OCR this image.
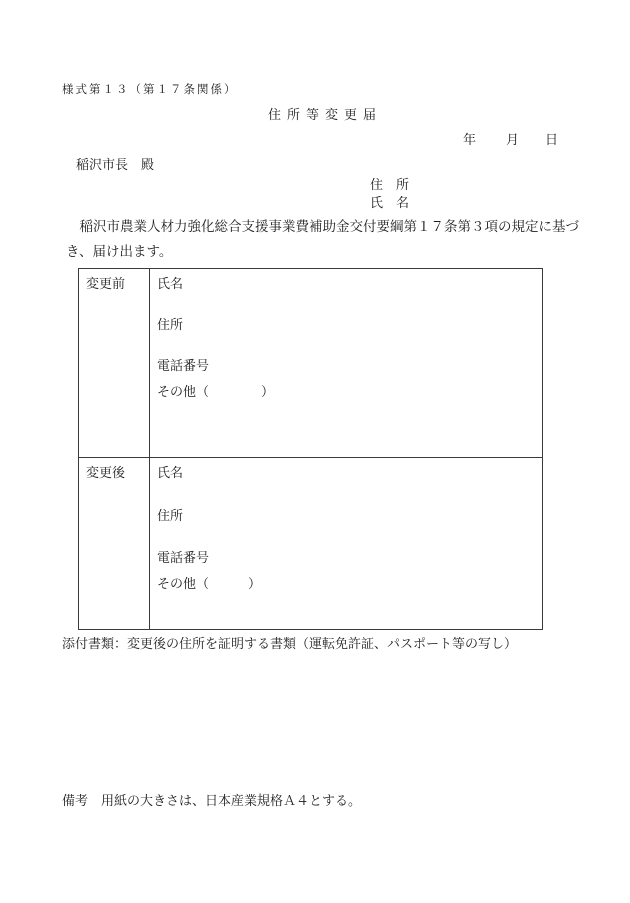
様式第１３（第１７条関係）
住所等変更届
年 月 日
稲沢市長　殿
住　所
氏　名
稲沢市農業人材力強化総合支援事業費補助金交付要綱第１７条第３項の規定に基づき、届け出ます。
変更前 氏名
住所
電話番号
その他（　　　　）
変更後 氏名
住所
電話番号
その他（　　　）
添付書類：変更後の住所を証明する書類（運転免許証、パスポート等の写し）
備考　用紙の大きさは、日本産業規格Ａ４とする。
